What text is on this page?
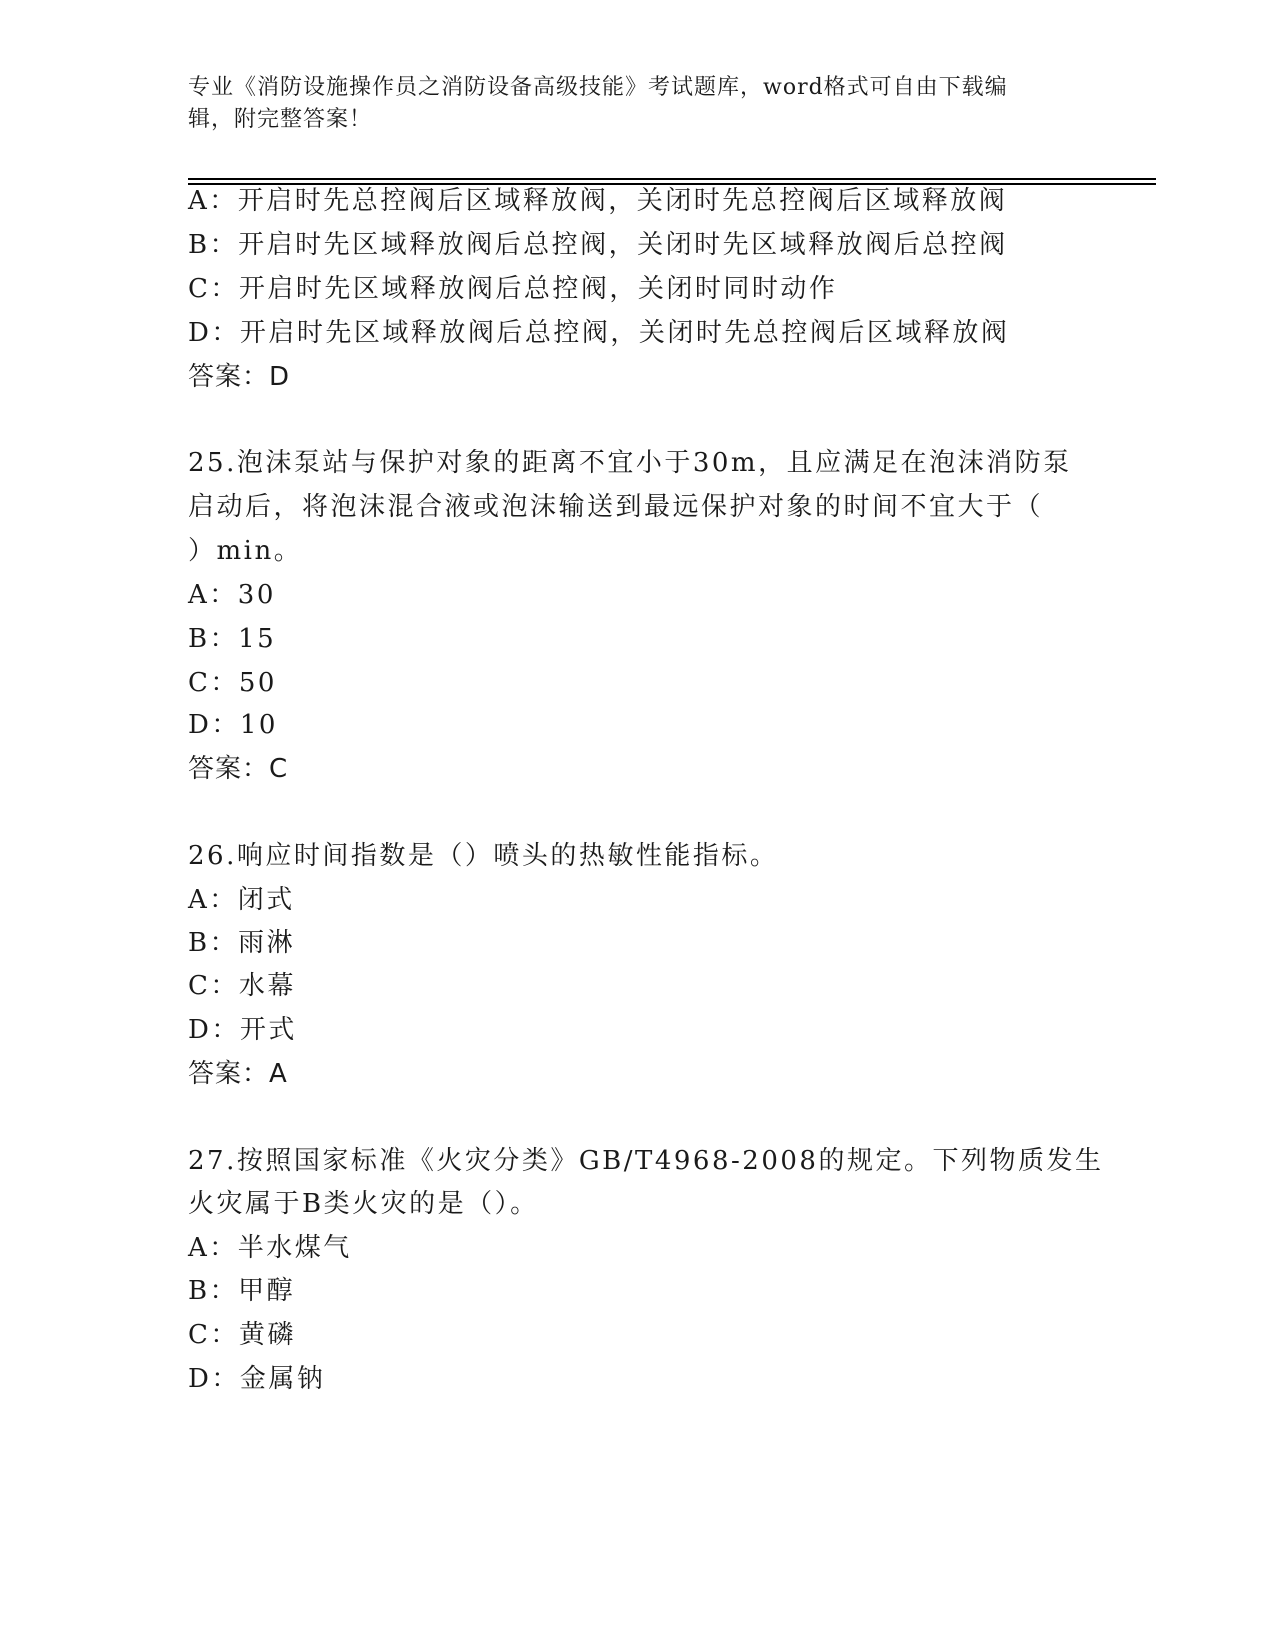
专业《消防设施操作员之消防设备高级技能》考试题库，word格式可自由下载编
辑，附完整答案！
A：开启时先总控阀后区域释放阀，关闭时先总控阀后区域释放阀
B：开启时先区域释放阀后总控阀，关闭时先区域释放阀后总控阀
C：开启时先区域释放阀后总控阀，关闭时同时动作
D：开启时先区域释放阀后总控阀，关闭时先总控阀后区域释放阀
答案：D
25.泡沫泵站与保护对象的距离不宜小于30m，且应满足在泡沫消防泵
启动后，将泡沫混合液或泡沫输送到最远保护对象的时间不宜大于（
）min。
A：30
B：15
C：50
D：10
答案：C
26.响应时间指数是（）喷头的热敏性能指标。
A：闭式
B：雨淋
C：水幕
D：开式
答案：A
27.按照国家标准《火灾分类》GB/T4968-2008的规定。下列物质发生
火灾属于B类火灾的是（）。
A：半水煤气
B：甲醇
C：黄磷
D：金属钠
